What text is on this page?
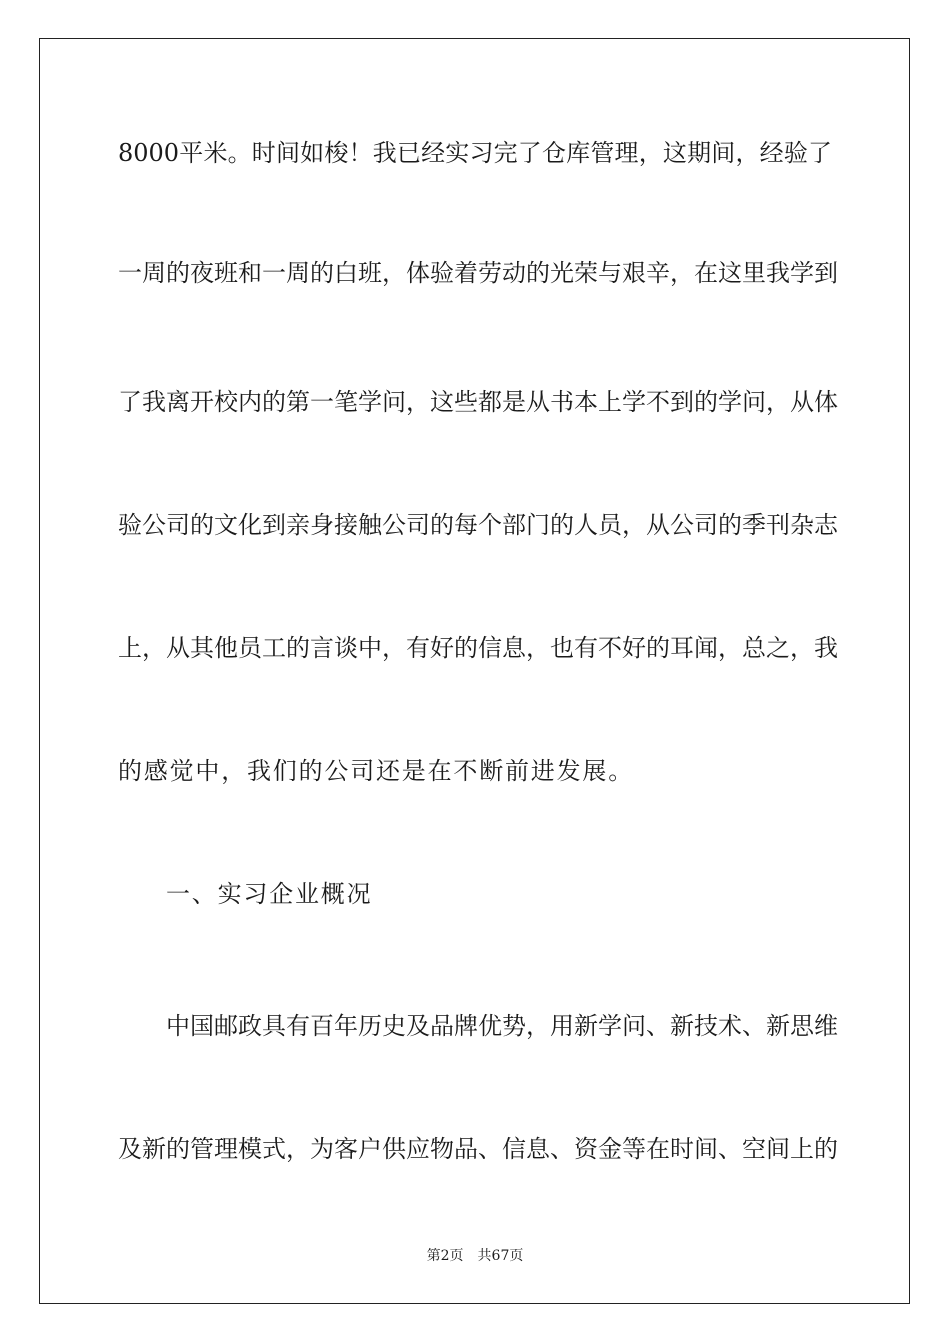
8000平米。时间如梭！我已经实习完了仓库管理，这期间，经验了
一周的夜班和一周的白班，体验着劳动的光荣与艰辛，在这里我学到
了我离开校内的第一笔学问，这些都是从书本上学不到的学问，从体
验公司的文化到亲身接触公司的每个部门的人员，从公司的季刊杂志
上，从其他员工的言谈中，有好的信息，也有不好的耳闻，总之，我
的感觉中，我们的公司还是在不断前进发展。
一、实习企业概况
中国邮政具有百年历史及品牌优势，用新学问、新技术、新思维
及新的管理模式，为客户供应物品、信息、资金等在时间、空间上的
第2页 共67页
